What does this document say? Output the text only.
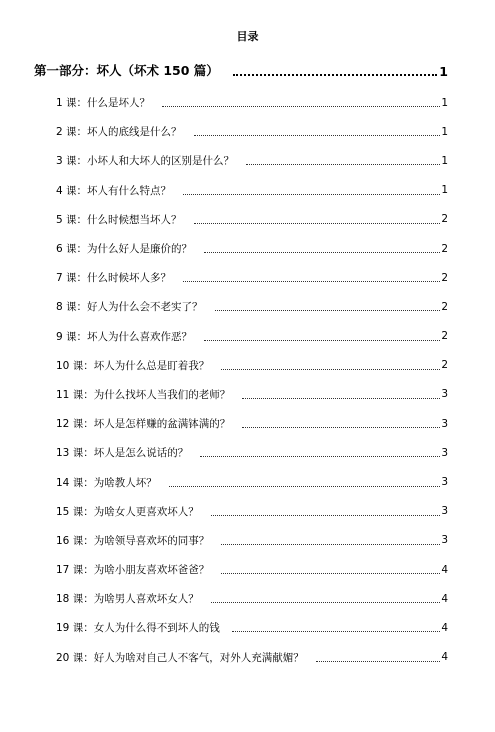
目录
第一部分：坏人（坏术 150 篇）	1
1 课：什么是坏人？	1
2 课：坏人的底线是什么？	1
3 课：小坏人和大坏人的区别是什么？	1
4 课：坏人有什么特点？	1
5 课：什么时候想当坏人？	2
6 课：为什么好人是廉价的？	2
7 课：什么时候坏人多？	2
8 课：好人为什么会不老实了？	2
9 课：坏人为什么喜欢作恶？	2
10 课：坏人为什么总是盯着我？	2
11 课：为什么找坏人当我们的老师？	3
12 课：坏人是怎样赚的盆满钵满的？	3
13 课：坏人是怎么说话的？	3
14 课：为啥教人坏？	3
15 课：为啥女人更喜欢坏人？	3
16 课：为啥领导喜欢坏的同事？	3
17 课：为啥小朋友喜欢坏爸爸？	4
18 课：为啥男人喜欢坏女人？	4
19 课：女人为什么得不到坏人的钱	4
20 课：好人为啥对自己人不客气，对外人充满献媚？	4
